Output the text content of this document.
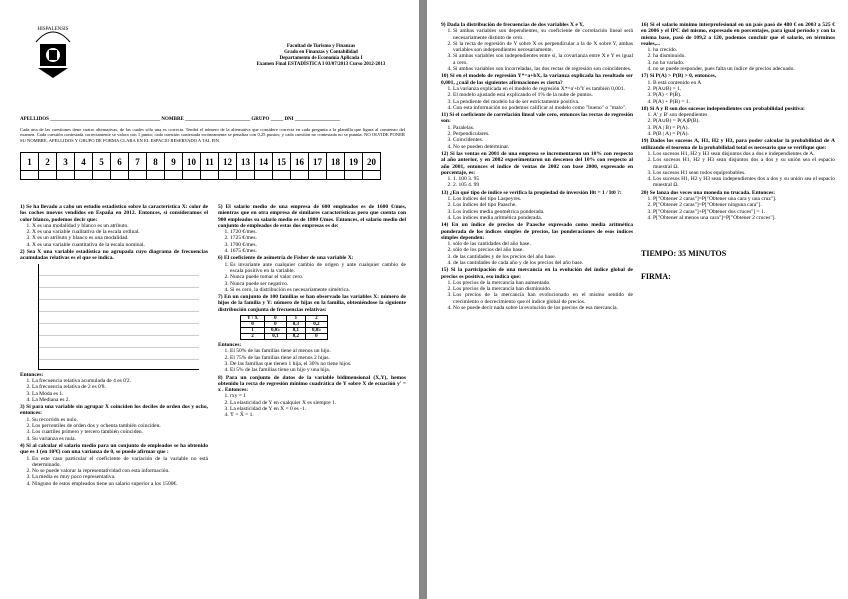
HISPALENSIS
Facultad de Turismo y Finanzas
Grado en Finanzas y Contabilidad
Departamento de Economía Aplicada I
Examen Final ESTADÍSTICA I 03/07/2013 Curso 2012-2013
APELLIDOS ____________________________________________ NOMBRE __________________________ GRUPO _____ DNI __________________
Cada una de las cuestiones tiene cuatro alternativas, de las cuales sólo una es correcta. Tendrá el número de la alternativa que considere correcta en cada pregunta a la plantilla que figura al comienzo del examen. Cada cuestión contestada correctamente se valora con 1 punto; cada cuestión contestada erróneamente se penaliza con 0,25 puntos; y cada cuestión no contestada no se puntúa. NO OLVIDE PONER SU NOMBRE, APELLIDOS Y GRUPO DE FORMA CLARA EN EL ESPACIO RESERVADO A TAL FIN.
1	2	3	4	5	6	7	8	9	10	11	12	13	14	15	16	17	18	19	20

1) Se ha llevado a cabo un estudio estadístico sobre la característica X: color de los coches nuevos vendidos en España en 2012. Entonces, si consideramos el color blanco, podemos decir que:
1. X es una modalidad y blanco es un atributo.
2. X es una variable cualitativa de la escala ordinal.
3. X es un atributo y blanco es una modalidad.
4. X es una variable cuantitativa de la escala nominal.
2) Sea X una variable estadística no agrupada cuyo diagrama de frecuencias acumuladas relativas es el que se indica.
Entonces:
1. La frecuencia relativa acumulada de 4 es 0'2.
2. La frecuencia relativa de 2 es 0'8.
3. La Moda es 1.
4. La Mediana es 2.
3) Si para una variable sin agrupar X coinciden los deciles de orden dos y ocho, entonces:
1. Su recorrido es nulo.
2. Los percentiles de orden dos y ochenta también coinciden.
3. Los cuartiles primero y tercero también coinciden.
4. Su varianza es nula.
4) Si al calcular el salario medio para un conjunto de empleados se ha obtenido que es 1 (en 10³€) con una varianza de 0, se puede afirmar que :
1. En este caso particular el coeficiente de variación de la variable no está determinado.
2. No se puede valorar la representatividad con esta información.
3. La media es muy poco representativa.
4. Ninguno de estos empleados tiene un salario superior a los 1500€.
5) El salario medio de una empresa de 600 empleados es de 1600 €/mes, mientras que en otra empresa de similares características pero que cuenta con 900 empleados su salario medio es de 1800 €/mes. Entonces, el salario medio del conjunto de empleados de estas dos empresas es de:
1. 1720 €/mes.
2. 1725 €/mes.
3. 1700 €/mes.
4. 1675 €/mes.
6) El coeficiente de asimetría de Fisher de una variable X:
1. Es invariante ante cualquier cambio de origen y ante cualquier cambio de escala positivo en la variable.
2. Nunca puede tomar el valor cero.
3. Nunca puede ser negativo.
4. Si es cero, la distribución es necesariamente simétrica.
7) En un conjunto de 100 familias se han observado las variables X: número de hijos de la familia y Y: número de hijas en la familia, obteniéndose la siguiente distribución conjunta de frecuencias relativas:
Y \ X	0	1	2
0	0	0,3	0,2
1	0,05	0,1	0,05
2	0,1	0,2	0
Entonces:
1. El 50% de las familias tiene al menos un hijo.
2. El 75% de las familias tiene al menos 2 hijas.
3. De las familias que tienen 1 hija, el 30% no tiene hijos.
4. El 5% de las familias tiene un hijo y una hija.
8) Para un conjunto de datos de la variable bidimensional (X,Y), hemos obtenido la recta de regresión mínimo cuadrática de Y sobre X de ecuación y' = x . Entonces:
1. rxy = 1
2. La elasticidad de Y en cualquier X es siempre 1.
3. La elasticidad de Y en X = 0 es -1.
4. Ȳ = X̄ = 1.
9) Dada la distribución de frecuencias de dos variables X e Y,
1. Si ambas variables son dependientes, su coeficiente de correlación lineal será necesariamente distinto de cero.
2. Si la recta de regresión de Y sobre X es perpendicular a la de X sobre Y, ambas variables son independientes necesariamente.
3. Si ambas variables son independientes entre sí, la covarianza entre X e Y es igual a cero.
4. Si ambas variables son incorreladas, las dos rectas de regresión son coincidentes.
10) Si en el modelo de regresión Y*=a+bX, la varianza explicada ha resultado ser 0,001, ¿cuál de las siguientes afirmaciones es cierta?
1. La varianza explicada en el modelo de regresión X*=a'+b'Y es también 0,001.
2. El modelo ajustado está explicando el 1% de la nube de puntos.
3. La pendiente del modelo ha de ser estrictamente positiva.
4. Con esta información no podemos calificar al modelo como "bueno" o "malo".
11) Si el coeficiente de correlación lineal vale cero, entonces las rectas de regresión son:
1. Paralelas.
2. Perpendiculares.
3. Coincidentes.
4. No se pueden determinar.
12) Si las ventas en 2001 de una empresa se incrementaron un 10% con respecto al año anterior, y en 2002 experimentaron un descenso del 10% con respecto al año 2001, entonces el índice de ventas de 2002 con base 2000, expresado en porcentaje, es:
1. 1. 100 3. 95
2. 2. 105 4. 99
13) ¿En qué tipo de índice se verifica la propiedad de inversión I0t = 1 / It0 ?:
1. Los índices del tipo Laspeyres.
2. Los índices del tipo Paasche.
3. Los índices media geométrica ponderada.
4. Los índices media aritmética ponderada.
14) En un índice de precios de Paasche expresado como media aritmética ponderada de los índices simples de precios, las ponderaciones de esos índices simples dependen:
1. sólo de las cantidades del año base.
2. sólo de los precios del año base.
3. de las cantidades y de los precios del año base.
4. de las cantidades de cada año y de los precios del año base.
15) Si la participación de una mercancía en la evolución del índice global de precios es positiva, eso indica que:
1. Los precios de la mercancía han aumentado.
2. Los precios de la mercancía han disminuido.
3. Los precios de la mercancía han evolucionado en el mismo sentido de crecimiento o decrecimiento que el índice global de precios.
4. No se puede decir nada sobre la evolución de los precios de esa mercancía.
16) Si el salario mínimo interprofesional en un país pasó de 480 € en 2003 a 525 € en 2006 y el IPC del mismo, expresado en porcentajes, para igual período y con la misma base, pasó de 109,2 a 120, podemos concluir que el salario, en términos reales,...
1. ha crecido.
2. ha disminuido.
3. no ha variado.
4. no se puede responder, pues falta un índice de precios adecuado.
17) Si P(A) > P(B) > 0, entonces,
1. B está contenido en A
2. P(A∪B) = 1.
3. P(Ā) < P(B̄).
4. P(A) + P(B) = 1.
18) Si A y B son dos sucesos independientes con probabilidad positiva:
1. A' y B' son dependientes
2. P(A∪B) = P(A)P(B).
3. P(A | B) = P(A).
4. P(B | A) = P(A).
19) Dados los sucesos A, H1, H2 y H3, para poder calcular la probabilidad de A utilizando el teorema de la probabilidad total es necesario que se verifique que:
1. Los sucesos H1, H2 y H3 sean disjuntos dos a dos e independientes de A.
2. Los sucesos H1, H2 y H3 sean disjuntos dos a dos y su unión sea el espacio muestral Ω.
3. Los sucesos H1 sean todos equiprobables.
4. Los sucesos H1, H2 y H3 sean independientes dos a dos y su unión sea el espacio muestral Ω.
20) Se lanza dos veces una moneda no trucada. Entonces:
1. P["Obtener 2 caras"]=P["Obtener una cara y una cruz"].
2. P["Obtener 2 caras"]=P["Obtener ninguna cara"].
3. P["Obtener 2 caras"]+P["Obtener dos cruces"] = 1.
4. P["Obtener al menos una cara"]=P["Obtener 2 cruces"].
TIEMPO: 35 MINUTOS
FIRMA:
